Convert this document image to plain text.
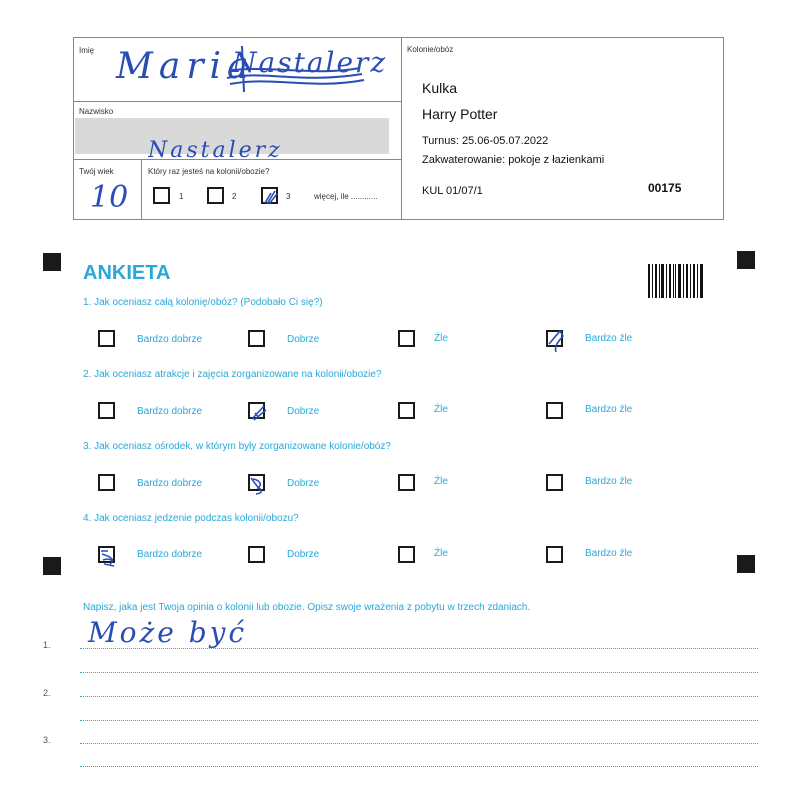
Imię Maria
Nastalerz
Nazwisko
Nastalerz
Twój wiek
10
Który raz jesteś na kolonii/obozie?
1	2	3	więcej, ile ............
Kolonie/obóz
Kulka
Harry Potter
Turnus: 25.06-05.07.2022
Zakwaterowanie: pokoje z łazienkami
KUL 01/07/1	00175
ANKIETA
1. Jak oceniasz całą kolonię/obóz? (Podobało Ci się?)
Bardzo dobrze	Dobrze	Źle	Bardzo źle
2. Jak oceniasz atrakcje i zajęcia zorganizowane na kolonii/obozie?
Bardzo dobrze	Dobrze	Źle	Bardzo źle
3. Jak oceniasz ośrodek, w którym były zorganizowane kolonie/obóz?
Bardzo dobrze	Dobrze	Źle	Bardzo źle
4. Jak oceniasz jedzenie podczas kolonii/obozu?
Bardzo dobrze	Dobrze	Źle	Bardzo źle
Napisz, jaka jest Twoja opinia o kolonii lub obozie. Opisz swoje wrażenia z pobytu w trzech zdaniach.
Może być
1.
2.
3.
